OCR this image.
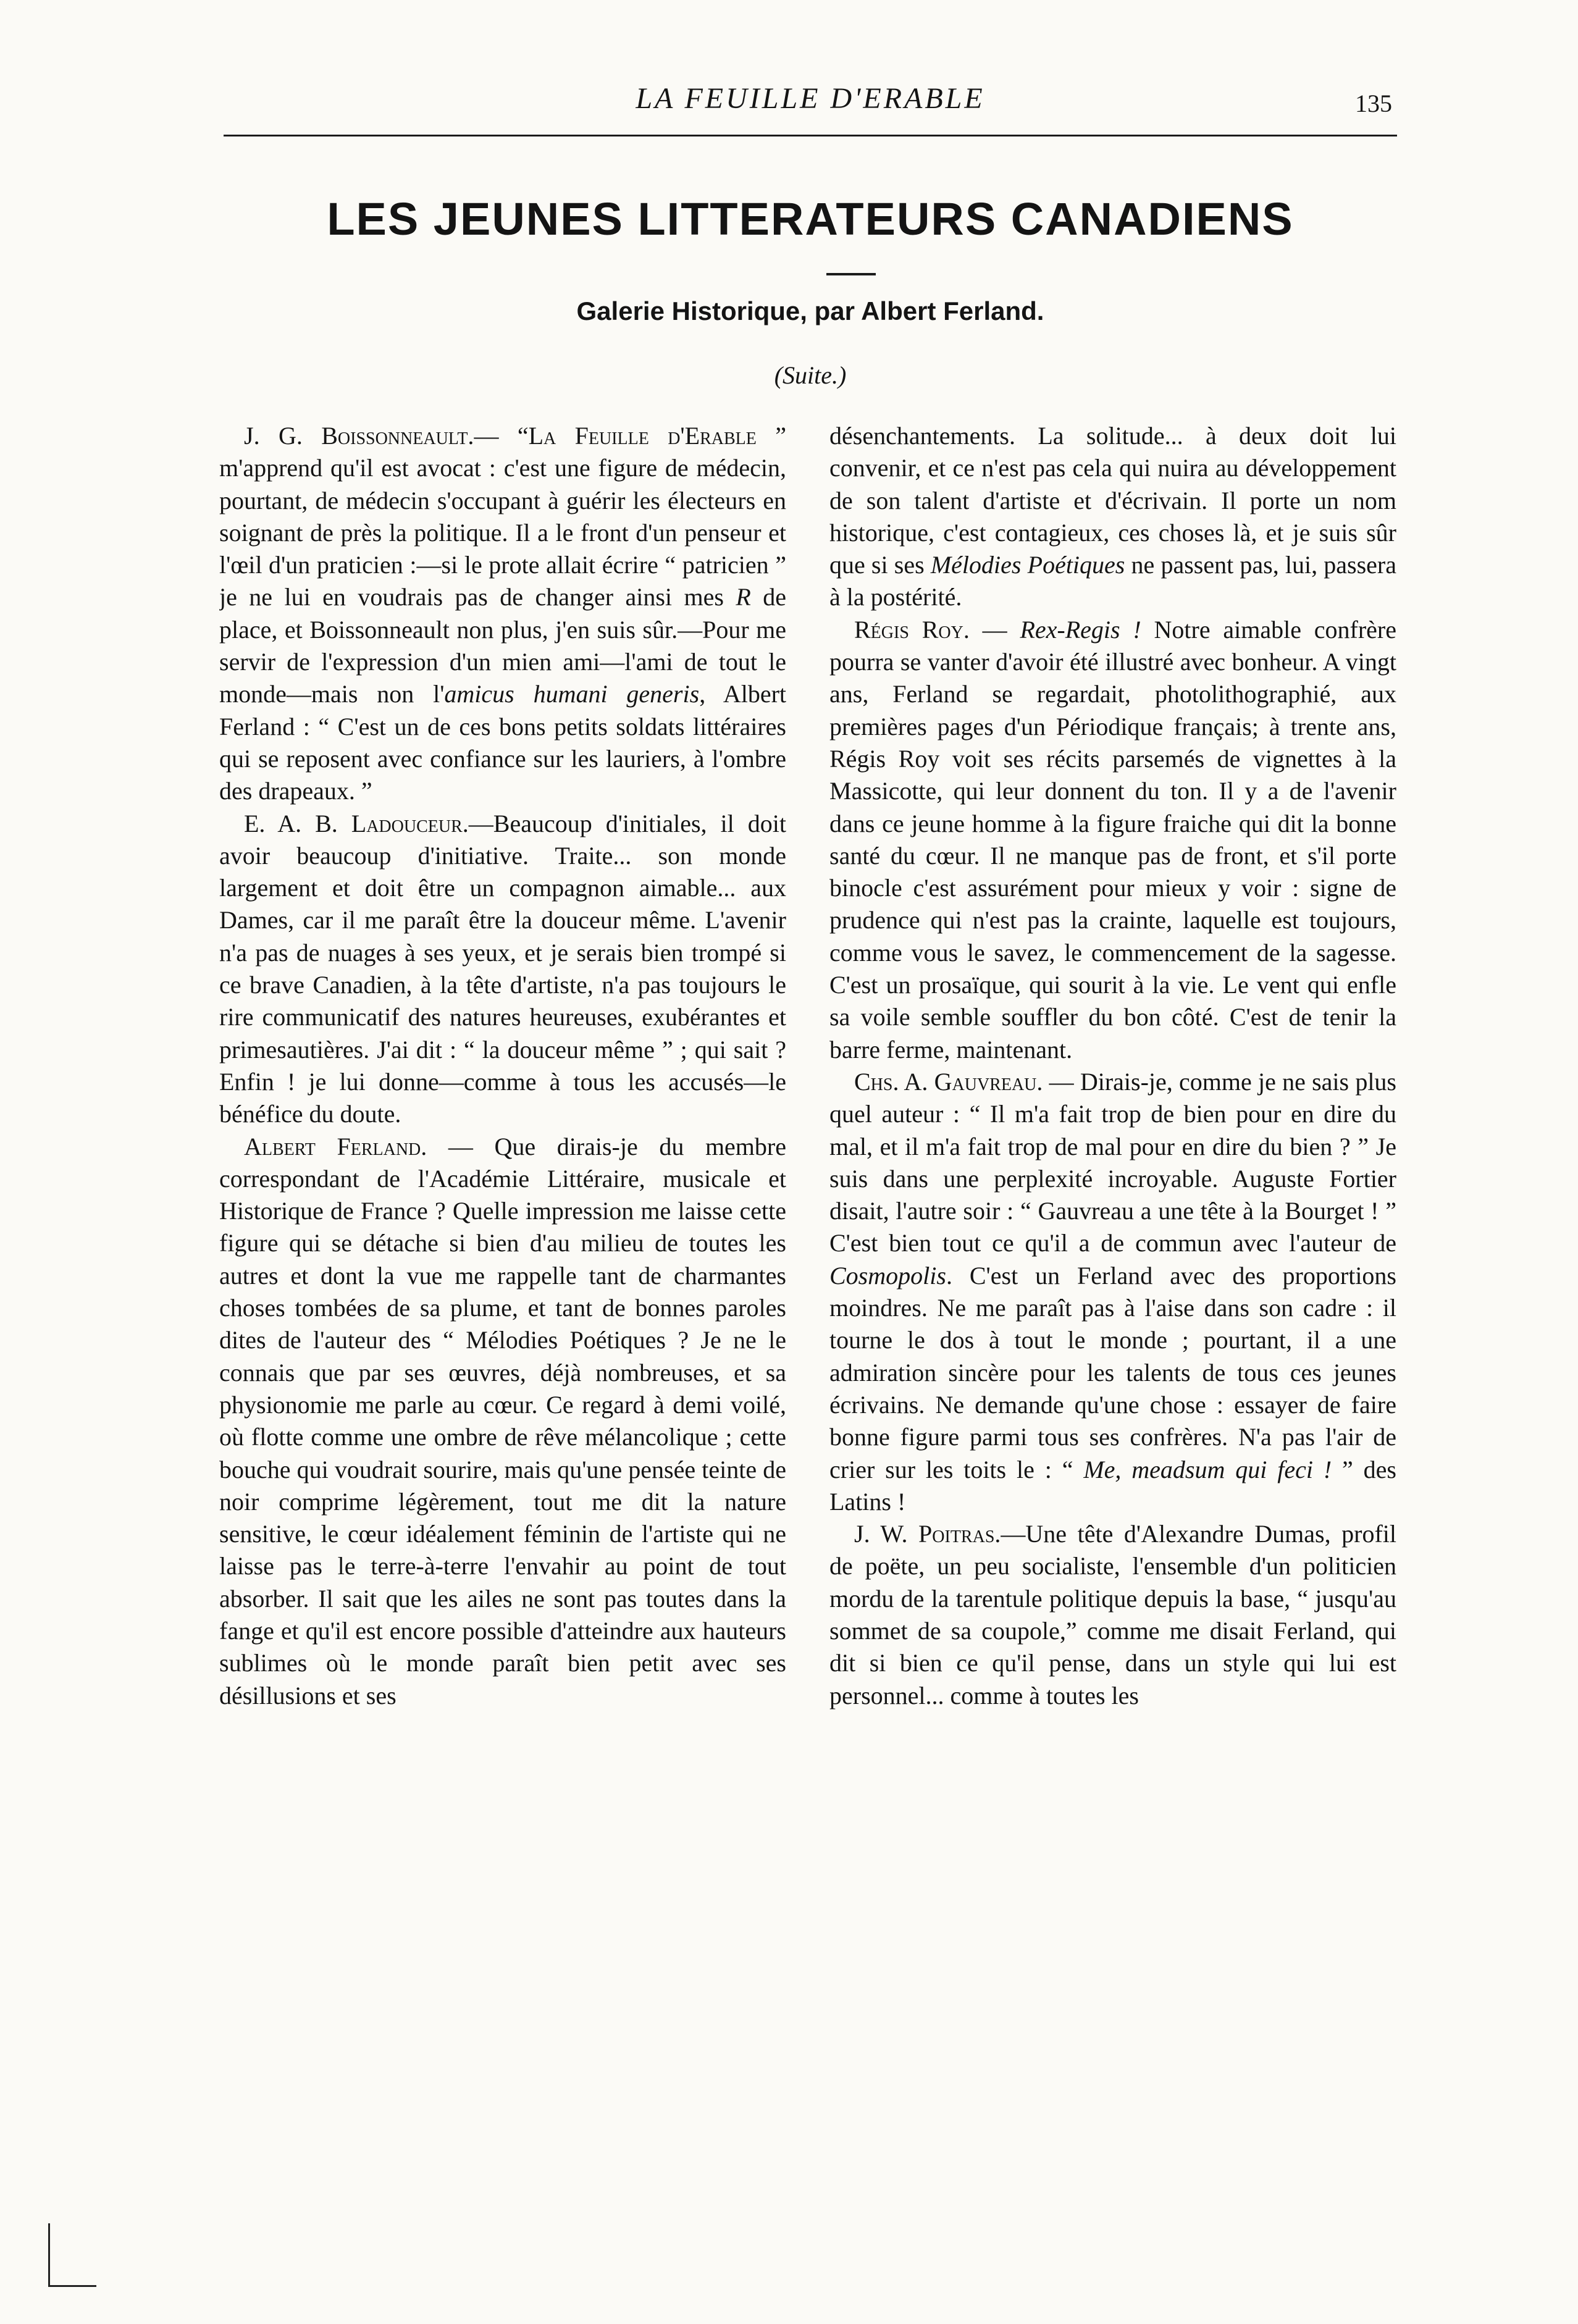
LA FEUILLE D'ERABLE	135
LES JEUNES LITTERATEURS CANADIENS
Galerie Historique, par Albert Ferland.
(Suite.)

J. G. Boissonneault.— “La Feuille d'Erable ” m'apprend qu'il est avocat : c'est une figure de médecin, pourtant, de médecin s'occupant à guérir les électeurs en soignant de près la politique. Il a le front d'un penseur et l'œil d'un praticien :—si le prote allait écrire “ patricien ” je ne lui en voudrais pas de changer ainsi mes R de place, et Boissonneault non plus, j'en suis sûr.—Pour me servir de l'expression d'un mien ami—l'ami de tout le monde—mais non l'amicus humani generis, Albert Ferland : “ C'est un de ces bons petits soldats littéraires qui se reposent avec confiance sur les lauriers, à l'ombre des drapeaux. ”

E. A. B. Ladouceur.—Beaucoup d'initiales, il doit avoir beaucoup d'initiative. Traite... son monde largement et doit être un compagnon aimable... aux Dames, car il me paraît être la douceur même. L'avenir n'a pas de nuages à ses yeux, et je serais bien trompé si ce brave Canadien, à la tête d'artiste, n'a pas toujours le rire communicatif des natures heureuses, exubérantes et primesautières. J'ai dit : “ la douceur même ” ; qui sait ? Enfin ! je lui donne—comme à tous les accusés—le bénéfice du doute.

Albert Ferland. — Que dirais-je du membre correspondant de l'Académie Littéraire, musicale et Historique de France ? Quelle impression me laisse cette figure qui se détache si bien d'au milieu de toutes les autres et dont la vue me rappelle tant de charmantes choses tombées de sa plume, et tant de bonnes paroles dites de l'auteur des “ Mélodies Poétiques ? Je ne le connais que par ses œuvres, déjà nombreuses, et sa physionomie me parle au cœur. Ce regard à demi voilé, où flotte comme une ombre de rêve mélancolique ; cette bouche qui voudrait sourire, mais qu'une pensée teinte de noir comprime légèrement, tout me dit la nature sensitive, le cœur idéalement féminin de l'artiste qui ne laisse pas le terre-à-terre l'envahir au point de tout absorber. Il sait que les ailes ne sont pas toutes dans la fange et qu'il est encore possible d'atteindre aux hauteurs sublimes où le monde paraît bien petit avec ses désillusions et ses

désenchantements. La solitude... à deux doit lui convenir, et ce n'est pas cela qui nuira au développement de son talent d'artiste et d'écrivain. Il porte un nom historique, c'est contagieux, ces choses là, et je suis sûr que si ses Mélodies Poétiques ne passent pas, lui, passera à la postérité.

Régis Roy. — Rex-Regis ! Notre aimable confrère pourra se vanter d'avoir été illustré avec bonheur. A vingt ans, Ferland se regardait, photolithographié, aux premières pages d'un Périodique français; à trente ans, Régis Roy voit ses récits parsemés de vignettes à la Massicotte, qui leur donnent du ton. Il y a de l'avenir dans ce jeune homme à la figure fraiche qui dit la bonne santé du cœur. Il ne manque pas de front, et s'il porte binocle c'est assurément pour mieux y voir : signe de prudence qui n'est pas la crainte, laquelle est toujours, comme vous le savez, le commencement de la sagesse. C'est un prosaïque, qui sourit à la vie. Le vent qui enfle sa voile semble souffler du bon côté. C'est de tenir la barre ferme, maintenant.

Chs. A. Gauvreau. — Dirais-je, comme je ne sais plus quel auteur : “ Il m'a fait trop de bien pour en dire du mal, et il m'a fait trop de mal pour en dire du bien ? ” Je suis dans une perplexité incroyable. Auguste Fortier disait, l'autre soir : “ Gauvreau a une tête à la Bourget ! ” C'est bien tout ce qu'il a de commun avec l'auteur de Cosmopolis. C'est un Ferland avec des proportions moindres. Ne me paraît pas à l'aise dans son cadre : il tourne le dos à tout le monde ; pourtant, il a une admiration sincère pour les talents de tous ces jeunes écrivains. Ne demande qu'une chose : essayer de faire bonne figure parmi tous ses confrères. N'a pas l'air de crier sur les toits le : “ Me, meadsum qui feci ! ” des Latins !

J. W. Poitras.—Une tête d'Alexandre Dumas, profil de poëte, un peu socialiste, l'ensemble d'un politicien mordu de la tarentule politique depuis la base, “ jusqu'au sommet de sa coupole,” comme me disait Ferland, qui dit si bien ce qu'il pense, dans un style qui lui est personnel... comme à toutes les
